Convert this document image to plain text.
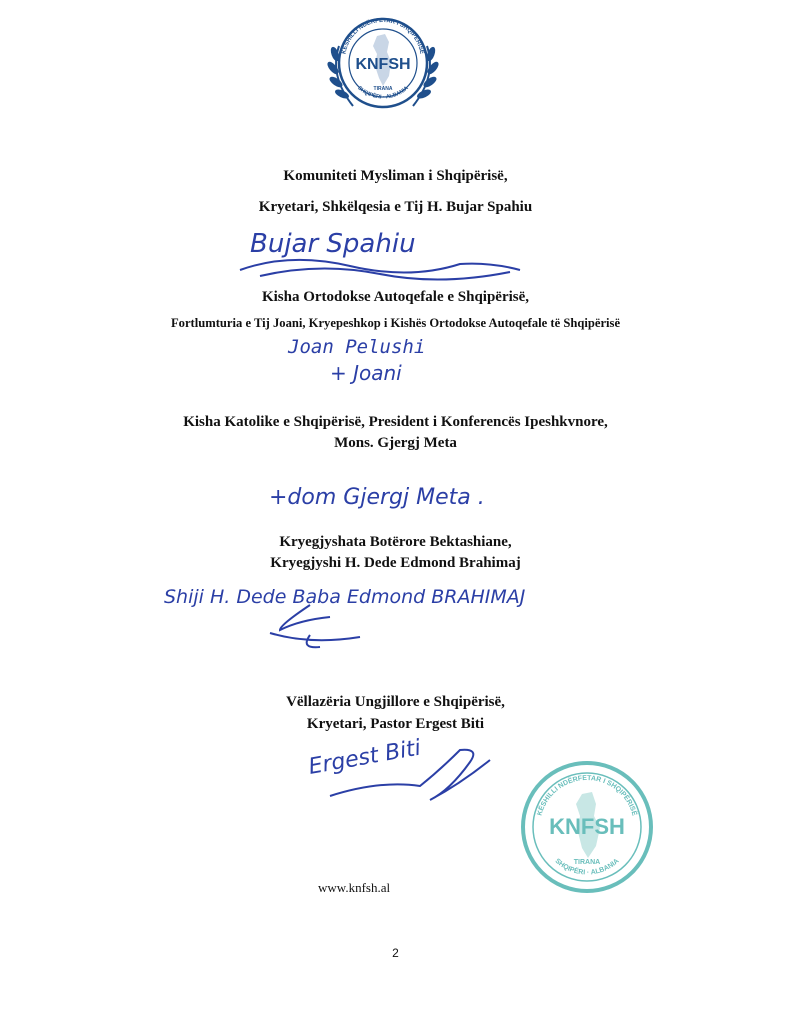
KËSHILLI NDËRFETAR I SHQIPËRISË
KNFSH
TIRANA
SHQIPËRI · ALBANIA
Komuniteti Mysliman i Shqipërisë,
Kryetari, Shkëlqesia e Tij H. Bujar Spahiu
Bujar Spahiu
Kisha Ortodokse Autoqefale e Shqipërisë,
Fortlumturia e Tij Joani, Kryepeshkop i Kishës Ortodokse Autoqefale të Shqipërisë
Joan Pelushi
+ Joani
Kisha Katolike e Shqipërisë, President i Konferencës Ipeshkvnore,
Mons. Gjergj Meta
+dom Gjergj Meta .
Kryegjyshata Botërore Bektashiane,
Kryegjyshi H. Dede Edmond Brahimaj
Shiji H. Dede Baba Edmond BRAHIMAJ
Vëllazëria Ungjillore e Shqipërisë,
Kryetari, Pastor Ergest Biti
Ergest Biti
KËSHILLI NDËRFETAR I SHQIPËRISË
KNFSH
TIRANA
SHQIPËRI · ALBANIA
www.knfsh.al
2
